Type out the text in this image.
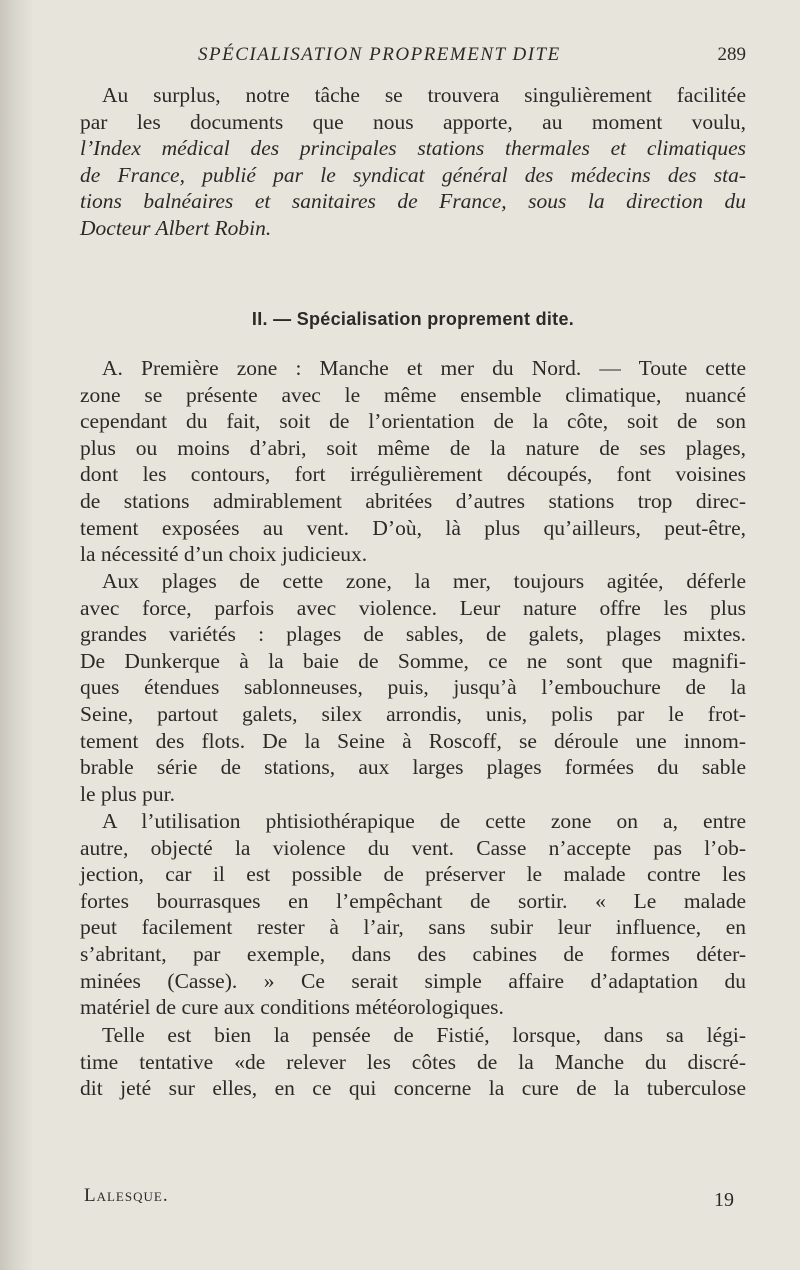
SPÉCIALISATION PROPREMENT DITE	289
Au surplus, notre tâche se trouvera singulièrement facilitée
par les documents que nous apporte, au moment voulu,
l’Index médical des principales stations thermales et climatiques
de France, publié par le syndicat général des médecins des sta-
tions balnéaires et sanitaires de France, sous la direction du
Docteur Albert Robin.
II. — Spécialisation proprement dite.
A. Première zone : Manche et mer du Nord. — Toute cette
zone se présente avec le même ensemble climatique, nuancé
cependant du fait, soit de l’orientation de la côte, soit de son
plus ou moins d’abri, soit même de la nature de ses plages,
dont les contours, fort irrégulièrement découpés, font voisines
de stations admirablement abritées d’autres stations trop direc-
tement exposées au vent. D’où, là plus qu’ailleurs, peut-être,
la nécessité d’un choix judicieux.
Aux plages de cette zone, la mer, toujours agitée, déferle
avec force, parfois avec violence. Leur nature offre les plus
grandes variétés : plages de sables, de galets, plages mixtes.
De Dunkerque à la baie de Somme, ce ne sont que magnifi-
ques étendues sablonneuses, puis, jusqu’à l’embouchure de la
Seine, partout galets, silex arrondis, unis, polis par le frot-
tement des flots. De la Seine à Roscoff, se déroule une innom-
brable série de stations, aux larges plages formées du sable
le plus pur.
A l’utilisation phtisiothérapique de cette zone on a, entre
autre, objecté la violence du vent. Casse n’accepte pas l’ob-
jection, car il est possible de préserver le malade contre les
fortes bourrasques en l’empêchant de sortir. « Le malade
peut facilement rester à l’air, sans subir leur influence, en
s’abritant, par exemple, dans des cabines de formes déter-
minées (Casse). » Ce serait simple affaire d’adaptation du
matériel de cure aux conditions météorologiques.
Telle est bien la pensée de Fistié, lorsque, dans sa légi-
time tentative «de relever les côtes de la Manche du discré-
dit jeté sur elles, en ce qui concerne la cure de la tuberculose
Lalesque.	19
